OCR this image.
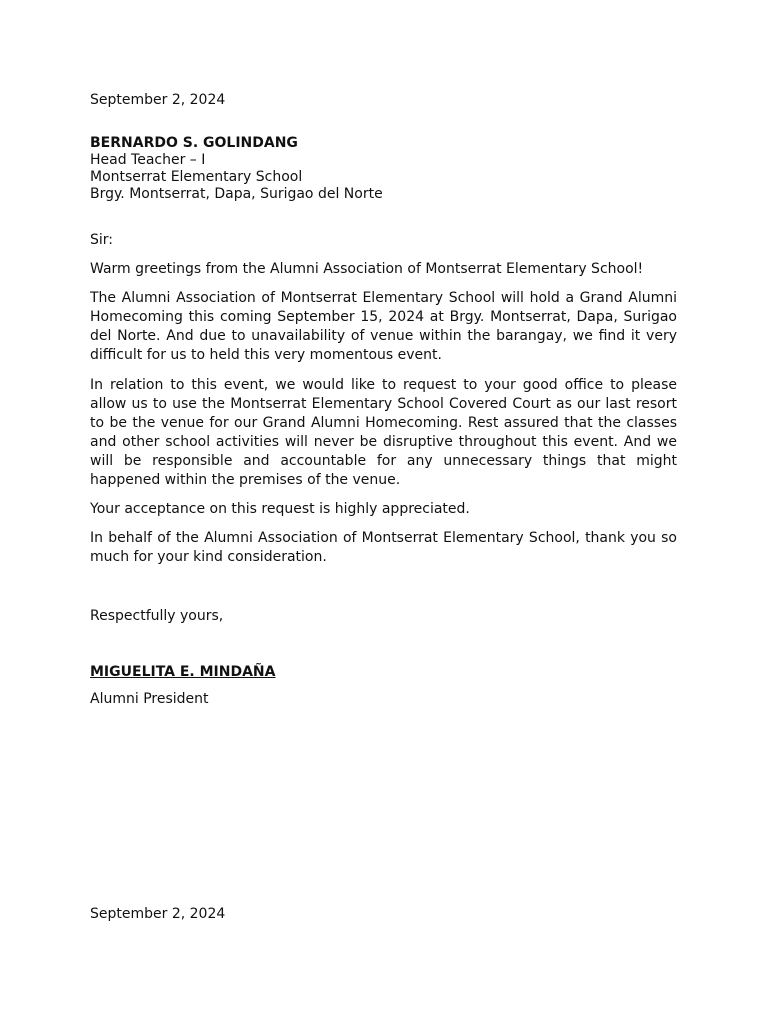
September 2, 2024
BERNARDO S. GOLINDANG
Head Teacher – I
Montserrat Elementary School
Brgy. Montserrat, Dapa, Surigao del Norte
Sir:
Warm greetings from the Alumni Association of Montserrat Elementary School!
The Alumni Association of Montserrat Elementary School will hold a Grand Alumni Homecoming this coming September 15, 2024 at Brgy. Montserrat, Dapa, Surigao del Norte. And due to unavailability of venue within the barangay, we find it very difficult for us to held this very momentous event.
In relation to this event, we would like to request to your good office to please allow us to use the Montserrat Elementary School Covered Court as our last resort to be the venue for our Grand Alumni Homecoming. Rest assured that the classes and other school activities will never be disruptive throughout this event. And we will be responsible and accountable for any unnecessary things that might happened within the premises of the venue.
Your acceptance on this request is highly appreciated.
In behalf of the Alumni Association of Montserrat Elementary School, thank you so much for your kind consideration.
Respectfully yours,
MIGUELITA E. MINDAÑA
Alumni President
September 2, 2024
